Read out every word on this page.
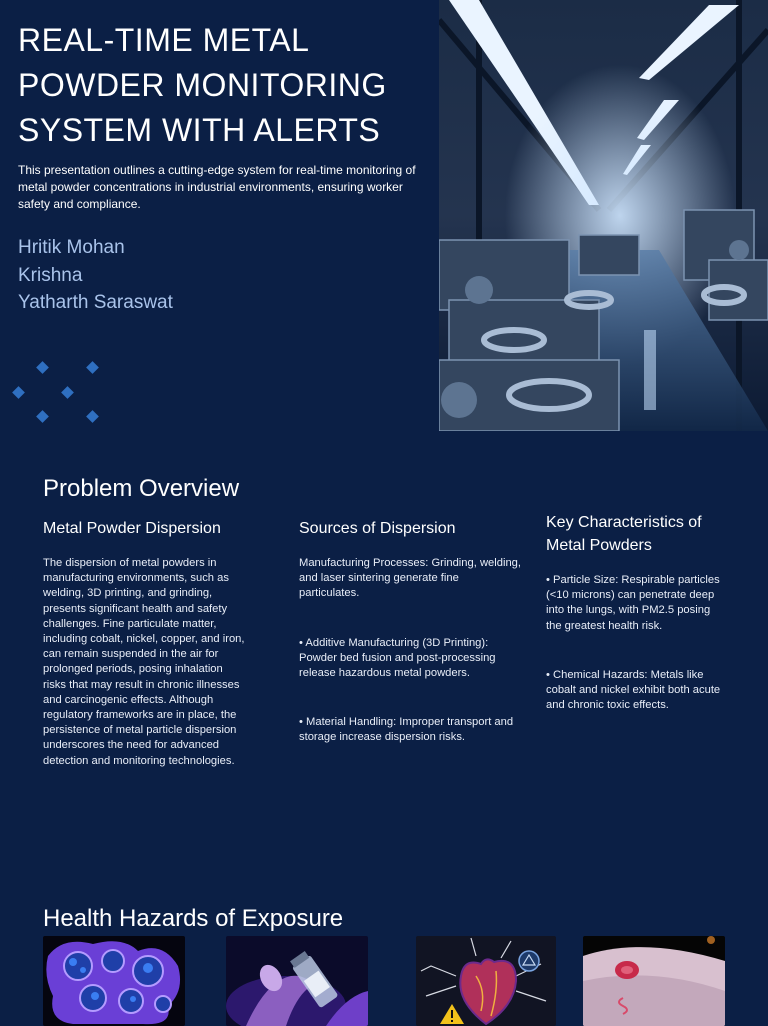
REAL-TIME METAL POWDER MONITORING SYSTEM WITH ALERTS

This presentation outlines a cutting-edge system for real-time monitoring of metal powder concentrations in industrial environments, ensuring worker safety and compliance.

Hritik Mohan
Krishna
Yatharth Saraswat
Problem Overview
Metal Powder Dispersion

The dispersion of metal powders in manufacturing environments, such as welding, 3D printing, and grinding, presents significant health and safety challenges. Fine particulate matter, including cobalt, nickel, copper, and iron, can remain suspended in the air for prolonged periods, posing inhalation risks that may result in chronic illnesses and carcinogenic effects. Although regulatory frameworks are in place, the persistence of metal particle dispersion underscores the need for advanced detection and monitoring technologies.

Sources of Dispersion

Manufacturing Processes: Grinding, welding, and laser sintering generate fine particulates.

• Additive Manufacturing (3D Printing): Powder bed fusion and post-processing release hazardous metal powders.

• Material Handling: Improper transport and storage increase dispersion risks.

Key Characteristics of Metal Powders

• Particle Size: Respirable particles (<10 microns) can penetrate deep into the lungs, with PM2.5 posing the greatest health risk.

• Chemical Hazards: Metals like cobalt and nickel exhibit both acute and chronic toxic effects.

Health Hazards of Exposure
